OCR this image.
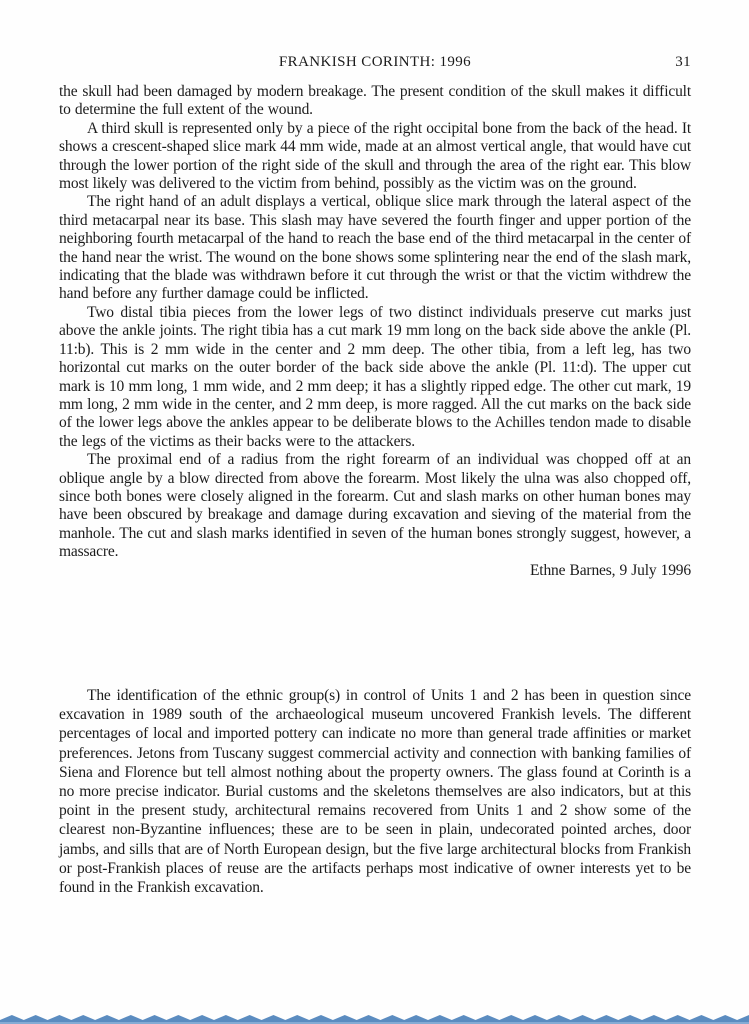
FRANKISH CORINTH: 1996	31

the skull had been damaged by modern breakage. The present condition of the skull makes it difficult to determine the full extent of the wound.

A third skull is represented only by a piece of the right occipital bone from the back of the head. It shows a crescent-shaped slice mark 44 mm wide, made at an almost vertical angle, that would have cut through the lower portion of the right side of the skull and through the area of the right ear. This blow most likely was delivered to the victim from behind, possibly as the victim was on the ground.

The right hand of an adult displays a vertical, oblique slice mark through the lateral aspect of the third metacarpal near its base. This slash may have severed the fourth finger and upper portion of the neighboring fourth metacarpal of the hand to reach the base end of the third metacarpal in the center of the hand near the wrist. The wound on the bone shows some splintering near the end of the slash mark, indicating that the blade was withdrawn before it cut through the wrist or that the victim withdrew the hand before any further damage could be inflicted.

Two distal tibia pieces from the lower legs of two distinct individuals preserve cut marks just above the ankle joints. The right tibia has a cut mark 19 mm long on the back side above the ankle (Pl. 11:b). This is 2 mm wide in the center and 2 mm deep. The other tibia, from a left leg, has two horizontal cut marks on the outer border of the back side above the ankle (Pl. 11:d). The upper cut mark is 10 mm long, 1 mm wide, and 2 mm deep; it has a slightly ripped edge. The other cut mark, 19 mm long, 2 mm wide in the center, and 2 mm deep, is more ragged. All the cut marks on the back side of the lower legs above the ankles appear to be deliberate blows to the Achilles tendon made to disable the legs of the victims as their backs were to the attackers.

The proximal end of a radius from the right forearm of an individual was chopped off at an oblique angle by a blow directed from above the forearm. Most likely the ulna was also chopped off, since both bones were closely aligned in the forearm. Cut and slash marks on other human bones may have been obscured by breakage and damage during excavation and sieving of the material from the manhole. The cut and slash marks identified in seven of the human bones strongly suggest, however, a massacre.

Ethne Barnes, 9 July 1996

The identification of the ethnic group(s) in control of Units 1 and 2 has been in question since excavation in 1989 south of the archaeological museum uncovered Frankish levels. The different percentages of local and imported pottery can indicate no more than general trade affinities or market preferences. Jetons from Tuscany suggest commercial activity and connection with banking families of Siena and Florence but tell almost nothing about the property owners. The glass found at Corinth is a no more precise indicator. Burial customs and the skeletons themselves are also indicators, but at this point in the present study, architectural remains recovered from Units 1 and 2 show some of the clearest non-Byzantine influences; these are to be seen in plain, undecorated pointed arches, door jambs, and sills that are of North European design, but the five large architectural blocks from Frankish or post-Frankish places of reuse are the artifacts perhaps most indicative of owner interests yet to be found in the Frankish excavation.
